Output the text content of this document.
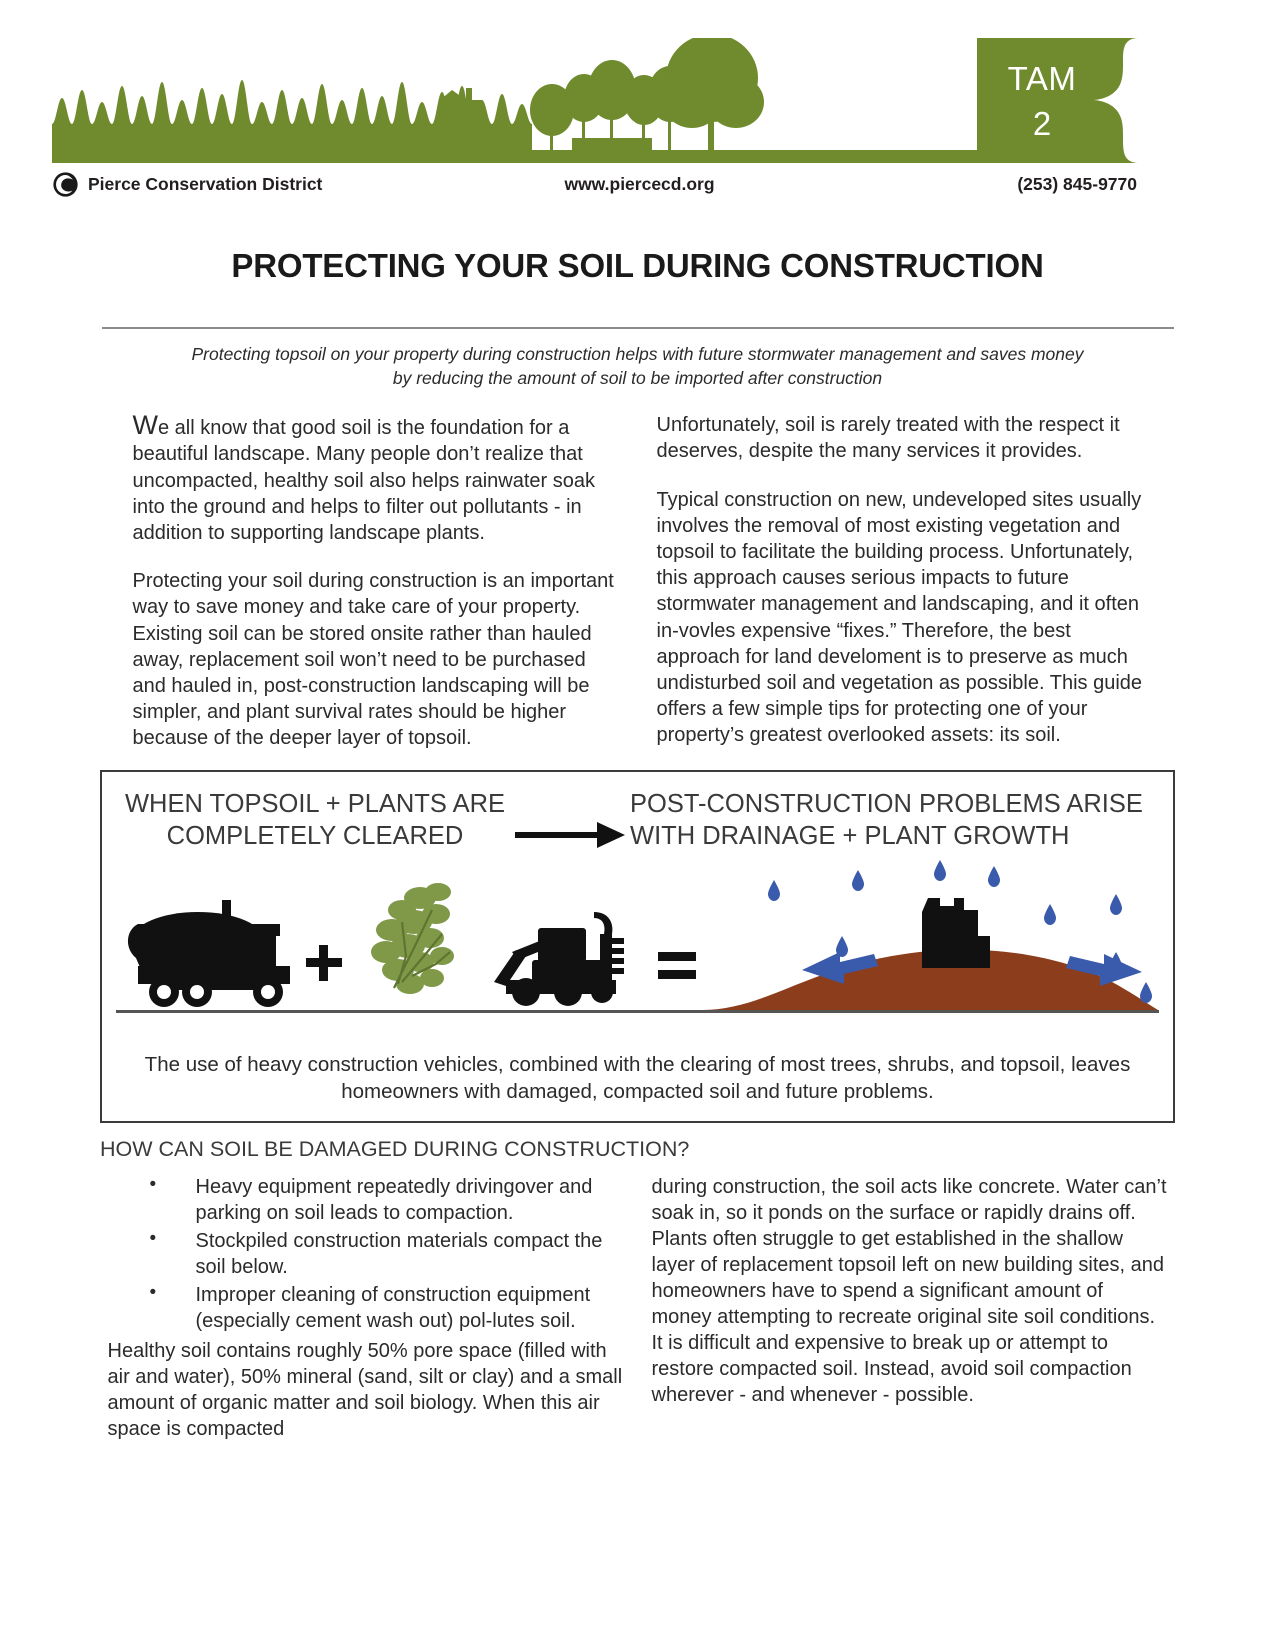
TAM
2
Pierce Conservation District	www.piercecd.org	(253) 845-9770
PROTECTING YOUR SOIL DURING CONSTRUCTION
Protecting topsoil on your property during construction helps with future stormwater management and saves money by reducing the amount of soil to be imported after construction

We all know that good soil is the foundation for a beautiful landscape. Many people don’t realize that uncompacted, healthy soil also helps rainwater soak into the ground and helps to filter out pollutants - in addition to supporting landscape plants.

Protecting your soil during construction is an important way to save money and take care of your property. Existing soil can be stored onsite rather than hauled away, replacement soil won’t need to be purchased and hauled in, post-construction landscaping will be simpler, and plant survival rates should be higher because of the deeper layer of topsoil.

Unfortunately, soil is rarely treated with the respect it deserves, despite the many services it provides.

Typical construction on new, undeveloped sites usually involves the removal of most existing vegetation and topsoil to facilitate the building process. Unfortunately, this approach causes serious impacts to future stormwater management and landscaping, and it often in-vovles expensive “fixes.” Therefore, the best approach for land develoment is to preserve as much undisturbed soil and vegetation as possible. This guide offers a few simple tips for protecting one of your property’s greatest overlooked assets: its soil.

WHEN TOPSOIL + PLANTS ARE COMPLETELY CLEARED
POST-CONSTRUCTION PROBLEMS ARISE WITH DRAINAGE + PLANT GROWTH
The use of heavy construction vehicles, combined with the clearing of most trees, shrubs, and topsoil, leaves homeowners with damaged, compacted soil and future problems.
HOW CAN SOIL BE DAMAGED DURING CONSTRUCTION?
• Heavy equipment repeatedly drivingover and parking on soil leads to compaction.
• Stockpiled construction materials compact the soil below.
• Improper cleaning of construction equipment (especially cement wash out) pol-lutes soil.

Healthy soil contains roughly 50% pore space (filled with air and water), 50% mineral (sand, silt or clay) and a small amount of organic matter and soil biology. When this air space is compacted

during construction, the soil acts like concrete. Water can’t soak in, so it ponds on the surface or rapidly drains off. Plants often struggle to get established in the shallow layer of replacement topsoil left on new building sites, and homeowners have to spend a significant amount of money attempting to recreate original site soil conditions. It is difficult and expensive to break up or attempt to restore compacted soil. Instead, avoid soil compaction wherever - and whenever - possible.
